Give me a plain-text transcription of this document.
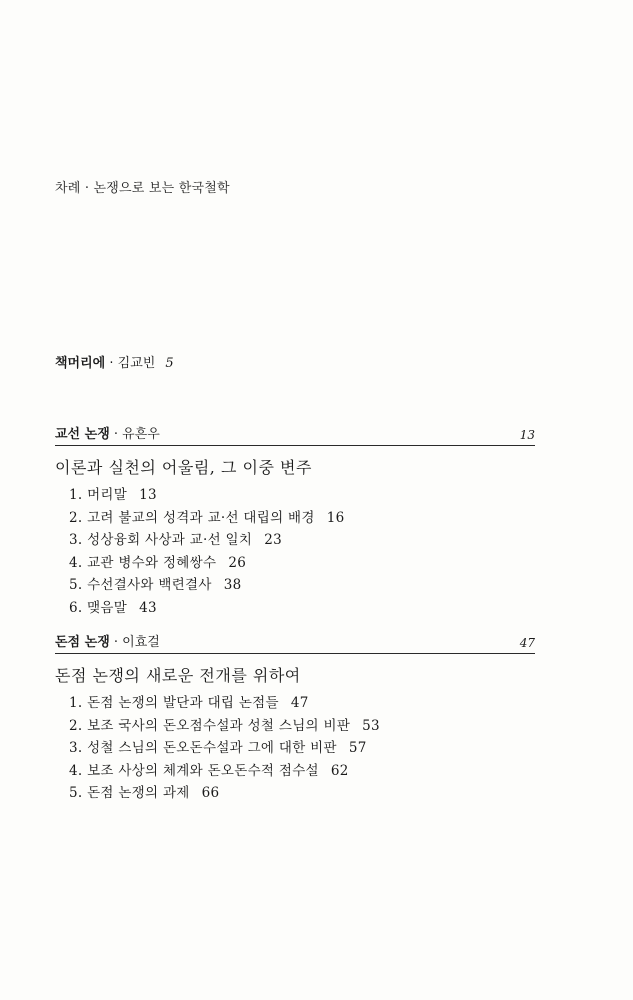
차례 · 논쟁으로 보는 한국철학
책머리에 · 김교빈 5
교선 논쟁 · 유흔우	13
이론과 실천의 어울림, 그 이중 변주
1. 머리말 13
2. 고려 불교의 성격과 교·선 대립의 배경 16
3. 성상융회 사상과 교·선 일치 23
4. 교관 병수와 정혜쌍수 26
5. 수선결사와 백련결사 38
6. 맺음말 43
돈점 논쟁 · 이효걸	47
돈점 논쟁의 새로운 전개를 위하여
1. 돈점 논쟁의 발단과 대립 논점들 47
2. 보조 국사의 돈오점수설과 성철 스님의 비판 53
3. 성철 스님의 돈오돈수설과 그에 대한 비판 57
4. 보조 사상의 체계와 돈오돈수적 점수설 62
5. 돈점 논쟁의 과제 66
